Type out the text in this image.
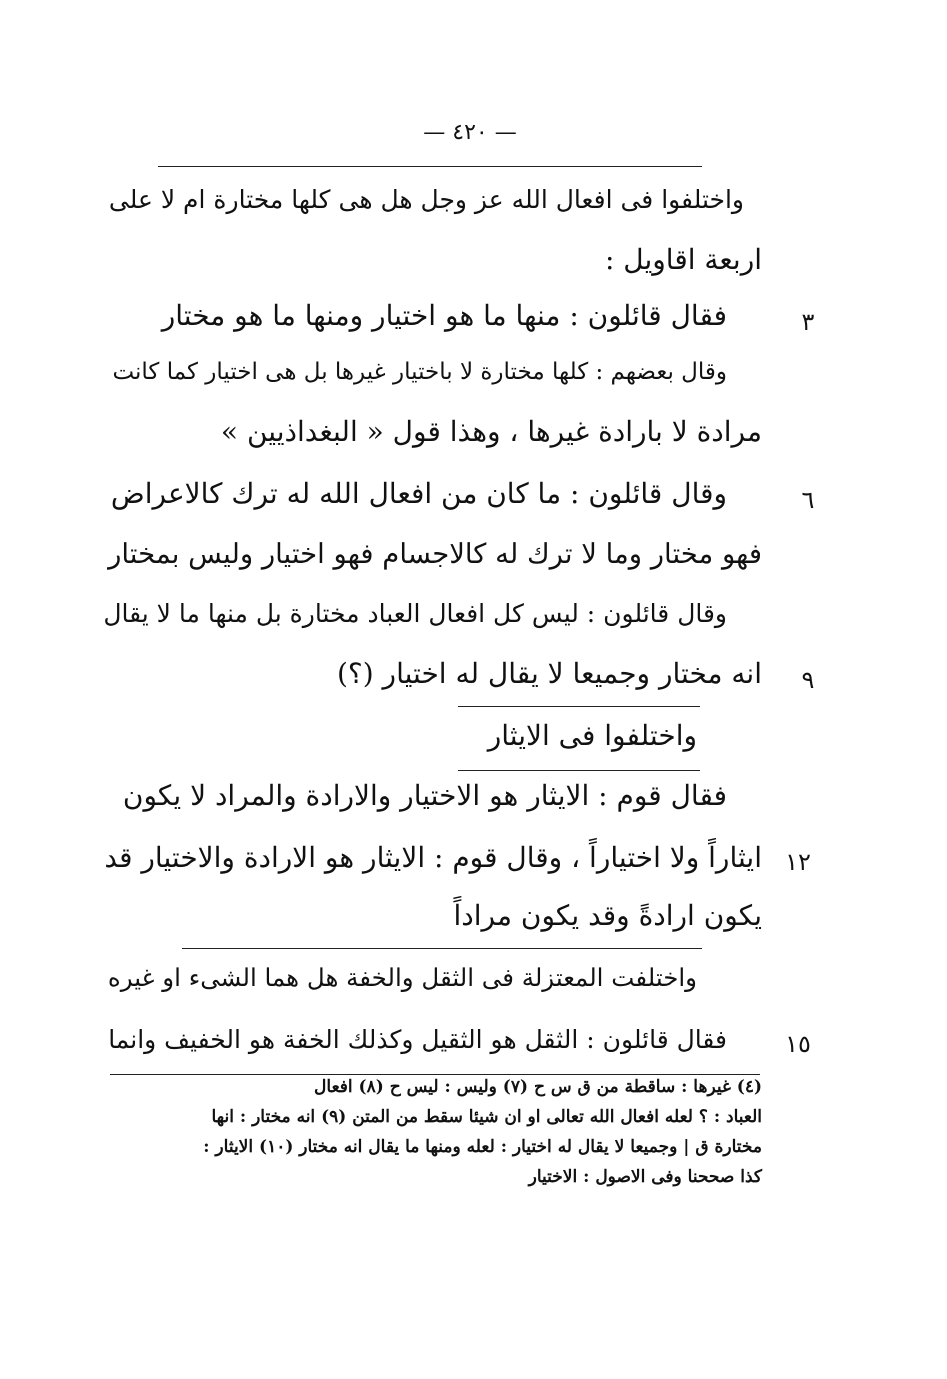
— ٤٢٠ —
واختلفوا فى افعال الله عز وجل هل هى كلها مختارة ام لا على
اربعة اقاويل :
فقال قائلون : منها ما هو اختيار ومنها ما هو مختار
وقال بعضهم : كلها مختارة لا باختيار غيرها بل هى اختيار كما كانت
مرادة لا بارادة غيرها ، وهذا قول « البغداذيين »
وقال قائلون : ما كان من افعال الله له ترك كالاعراض
فهو مختار وما لا ترك له كالاجسام فهو اختيار وليس بمختار
وقال قائلون : ليس كل افعال العباد مختارة بل منها ما لا يقال
انه مختار وجميعا لا يقال له اختيار (؟)
واختلفوا فى الايثار
فقال قوم : الايثار هو الاختيار والارادة والمراد لا يكون
ايثاراً ولا اختياراً ، وقال قوم : الايثار هو الارادة والاختيار قد
يكون ارادةً وقد يكون مراداً
واختلفت المعتزلة فى الثقل والخفة هل هما الشىء او غيره
فقال قائلون : الثقل هو الثقيل وكذلك الخفة هو الخفيف وانما
٣
٦
٩
١٢
١٥
(٤) غيرها : ساقطة من ق س ح (٧) وليس : ليس ح (٨) افعال
العباد : ؟ لعله افعال الله تعالى او ان شيئا سقط من المتن (٩) انه مختار : انها
مختارة ق | وجميعا لا يقال له اختيار : لعله ومنها ما يقال انه مختار (١٠) الايثار :
كذا صححنا وفى الاصول : الاختيار
